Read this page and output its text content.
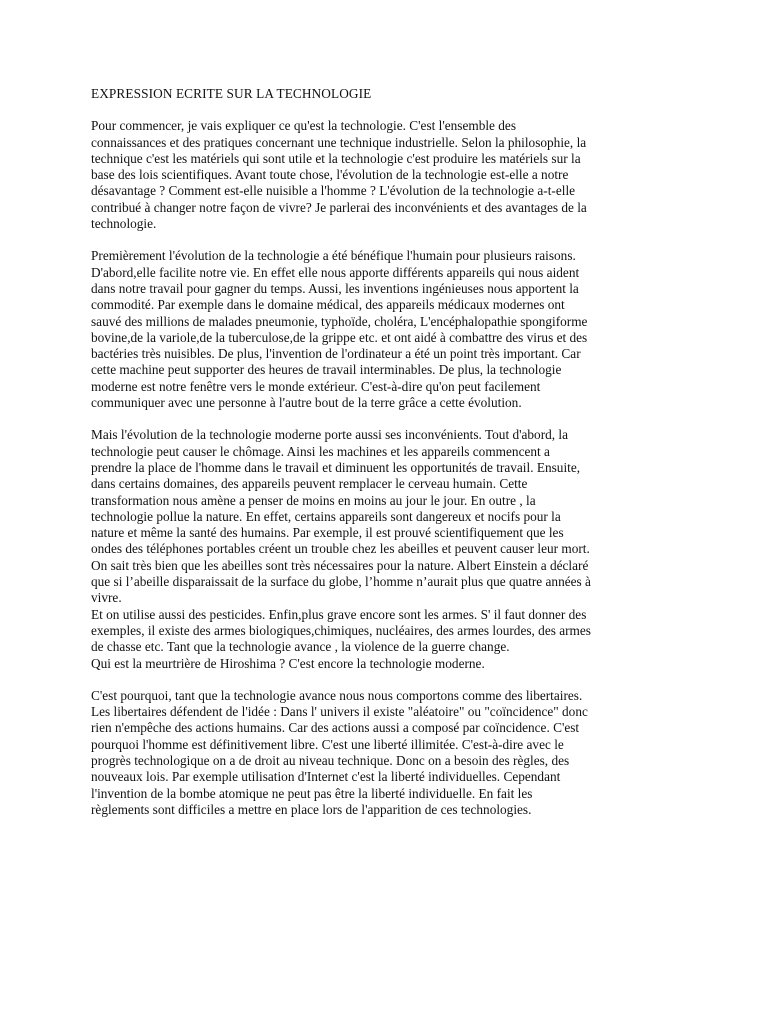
EXPRESSION ECRITE SUR LA TECHNOLOGIE
Pour commencer, je vais expliquer ce qu'est la technologie. C'est l'ensemble des
connaissances et des pratiques concernant une technique industrielle. Selon la philosophie, la
technique c'est les matériels qui sont utile et la technologie c'est produire les matériels sur la
base des lois scientifiques. Avant toute chose, l'évolution de la technologie est-elle a notre
désavantage ? Comment est-elle nuisible a l'homme ? L'évolution de la technologie a-t-elle
contribué à changer notre façon de vivre? Je parlerai des inconvénients et des avantages de la
technologie.
Premièrement l'évolution de la technologie a été bénéfique l'humain pour plusieurs raisons.
D'abord,elle facilite notre vie. En effet elle nous apporte différents appareils qui nous aident
dans notre travail pour gagner du temps. Aussi, les inventions ingénieuses nous apportent la
commodité. Par exemple dans le domaine médical, des appareils médicaux modernes ont
sauvé des millions de malades pneumonie, typhoïde, choléra, L'encéphalopathie spongiforme
bovine,de la variole,de la tuberculose,de la grippe etc. et ont aidé à combattre des virus et des
bactéries très nuisibles. De plus, l'invention de l'ordinateur a été un point très important. Car
cette machine peut supporter des heures de travail interminables. De plus, la technologie
moderne est notre fenêtre vers le monde extérieur. C'est-à-dire qu'on peut facilement
communiquer avec une personne à l'autre bout de la terre grâce a cette évolution.
Mais l'évolution de la technologie moderne porte aussi ses inconvénients. Tout d'abord, la
technologie peut causer le chômage. Ainsi les machines et les appareils commencent a
prendre la place de l'homme dans le travail et diminuent les opportunités de travail. Ensuite,
dans certains domaines, des appareils peuvent remplacer le cerveau humain. Cette
transformation nous amène a penser de moins en moins au jour le jour. En outre , la
technologie pollue la nature. En effet, certains appareils sont dangereux et nocifs pour la
nature et même la santé des humains. Par exemple, il est prouvé scientifiquement que les
ondes des téléphones portables créent un trouble chez les abeilles et peuvent causer leur mort.
On sait très bien que les abeilles sont très nécessaires pour la nature. Albert Einstein a déclaré
que si l’abeille disparaissait de la surface du globe, l’homme n’aurait plus que quatre années à
vivre.
Et on utilise aussi des pesticides. Enfin,plus grave encore sont les armes. S' il faut donner des
exemples, il existe des armes biologiques,chimiques, nucléaires, des armes lourdes, des armes
de chasse etc. Tant que la technologie avance , la violence de la guerre change.
Qui est la meurtrière de Hiroshima ? C'est encore la technologie moderne.
C'est pourquoi, tant que la technologie avance nous nous comportons comme des libertaires.
Les libertaires défendent de l'idée : Dans l' univers il existe "aléatoire" ou "coïncidence" donc
rien n'empêche des actions humains. Car des actions aussi a composé par coïncidence. C'est
pourquoi l'homme est définitivement libre. C'est une liberté illimitée. C'est-à-dire avec le
progrès technologique on a de droit au niveau technique. Donc on a besoin des règles, des
nouveaux lois. Par exemple utilisation d'Internet c'est la liberté individuelles. Cependant
l'invention de la bombe atomique ne peut pas être la liberté individuelle. En fait les
règlements sont difficiles a mettre en place lors de l'apparition de ces technologies.
